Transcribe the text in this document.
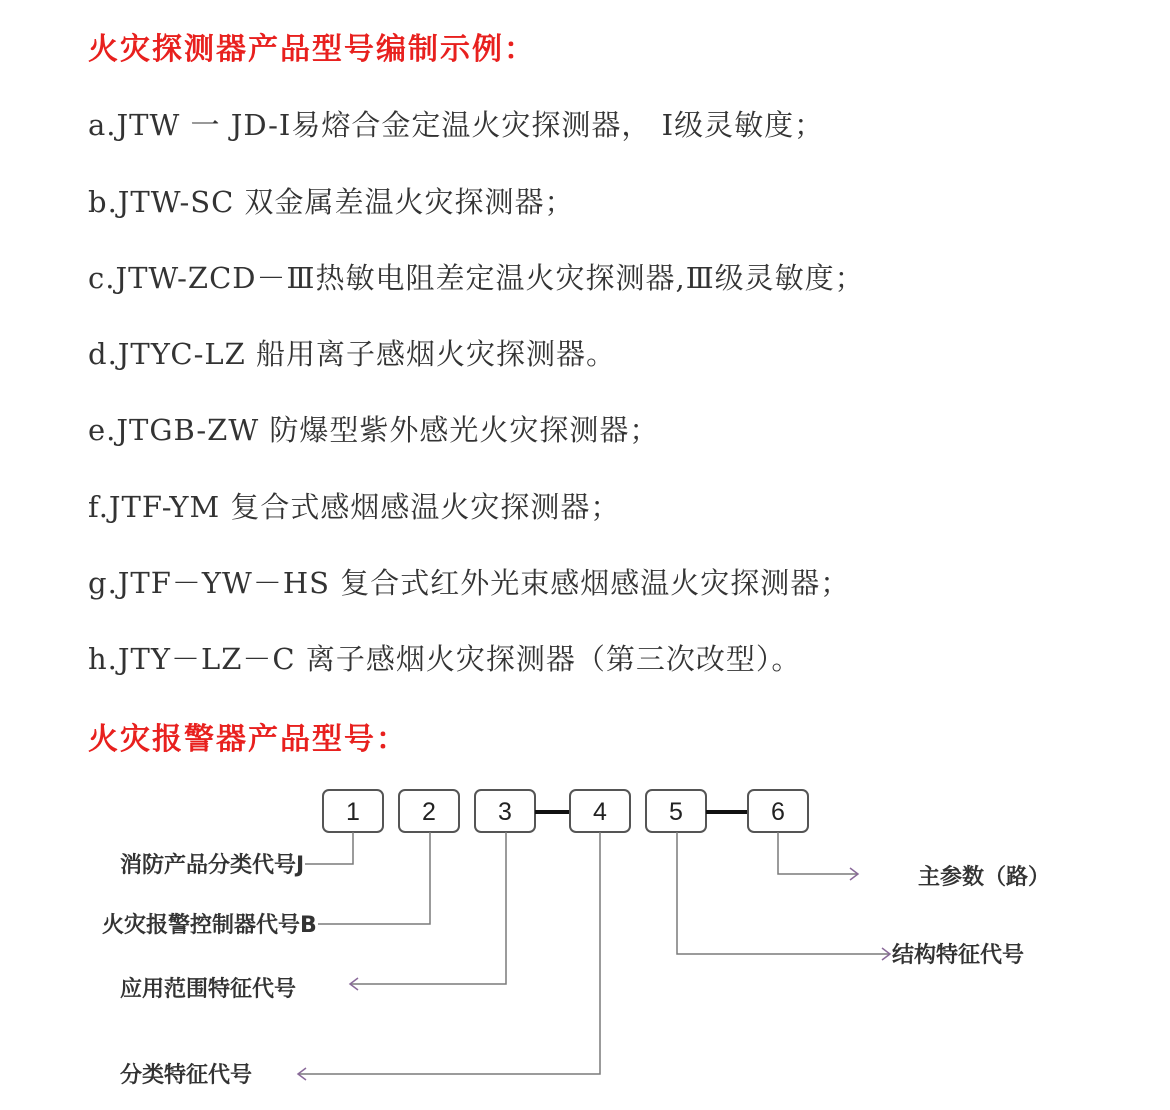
火灾探测器产品型号编制示例：
a.JTW 一 JD-Ⅰ易熔合金定温火灾探测器， Ⅰ级灵敏度；
b.JTW-SC 双金属差温火灾探测器；
c.JTW-ZCD－Ⅲ热敏电阻差定温火灾探测器,Ⅲ级灵敏度；
d.JTYC-LZ 船用离子感烟火灾探测器。
e.JTGB-ZW 防爆型紫外感光火灾探测器；
f.JTF-YM 复合式感烟感温火灾探测器；
g.JTF－YW－HS 复合式红外光束感烟感温火灾探测器；
h.JTY－LZ－C 离子感烟火灾探测器（第三次改型）。
火灾报警器产品型号：
1 2 3	4 5	6
消防产品分类代号J
火灾报警控制器代号B
应用范围特征代号
分类特征代号
主参数（路）
结构特征代号
